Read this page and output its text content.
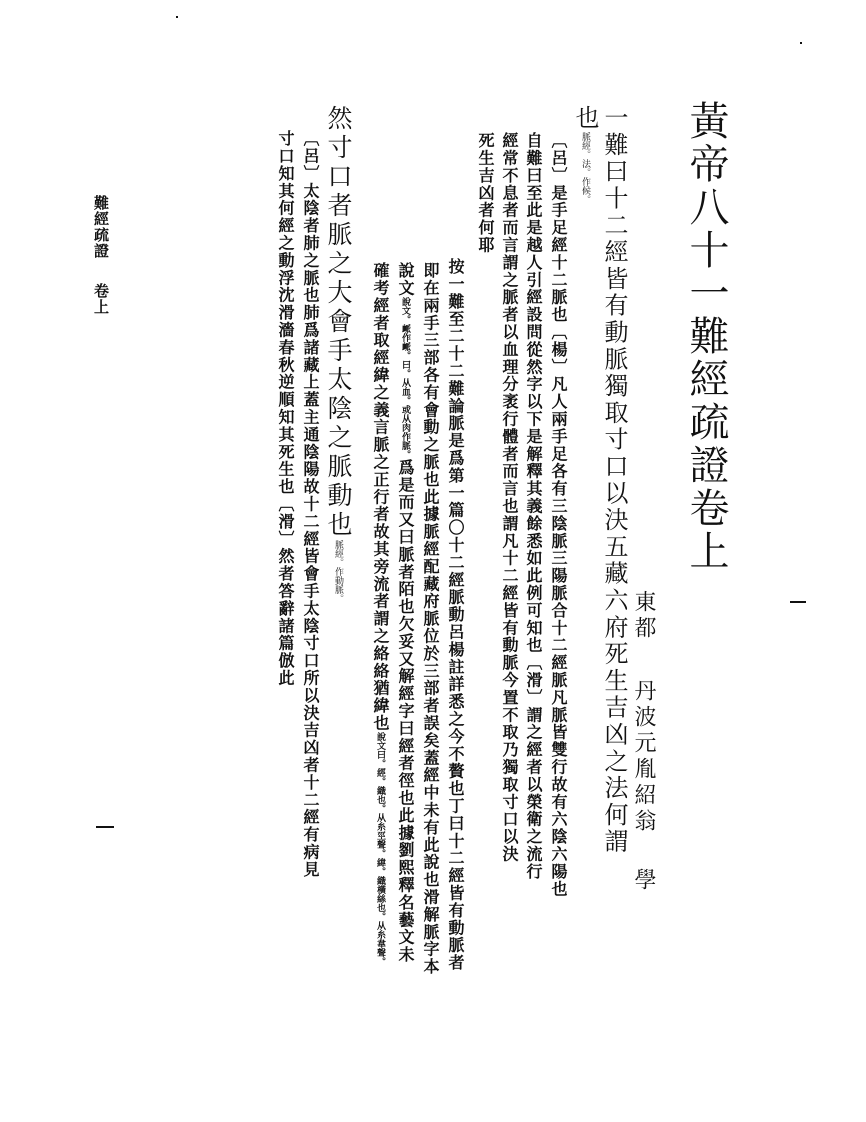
黃帝八十一難經疏證卷上
東都 丹波元胤紹翁 學
一難曰十二經皆有動脈獨取寸口以決五藏六府死生吉凶之法何謂
也脈經。法。作候。
〔呂〕是手足經十二脈也〔楊〕凡人兩手足各有三陰脈三陽脈合十二經脈凡脈皆雙行故有六陰六陽也
自難曰至此是越人引經設問從然字以下是解釋其義餘悉如此例可知也〔滑〕謂之經者以榮衛之流行
經常不息者而言謂之脈者以血理分袤行體者而言也謂凡十二經皆有動脈今置不取乃獨取寸口以決
死生吉凶者何耶
按一難至二十二難論脈是爲第一篇〇十二經脈動呂楊註詳悉之今不贅也丁曰十二經皆有動脈者
即在兩手三部各有會動之脈也此據脈經配藏府脈位於三部者誤矣蓋經中未有此說也滑解脈字本
說文說文。衇作衇。曰。从血。或从肉作脈。爲是而又曰脈者陌也欠妥又解經字曰經者徑也此據劉熙釋名藝文未
確考經者取經緯之義言脈之正行者故其旁流者謂之絡絡猶緯也說文曰。經。織也。从糸巠聲。緯。織橫絲也。从糸韋聲。
然寸口者脈之大會手太陰之脈動也脈經。作動脈。
〔呂〕太陰者肺之脈也肺爲諸藏上蓋主通陰陽故十二經皆會手太陰寸口所以決吉凶者十二經有病見
寸口知其何經之動浮沈滑濇春秋逆順知其死生也〔滑〕然者答辭諸篇倣此
難經疏證 卷上
